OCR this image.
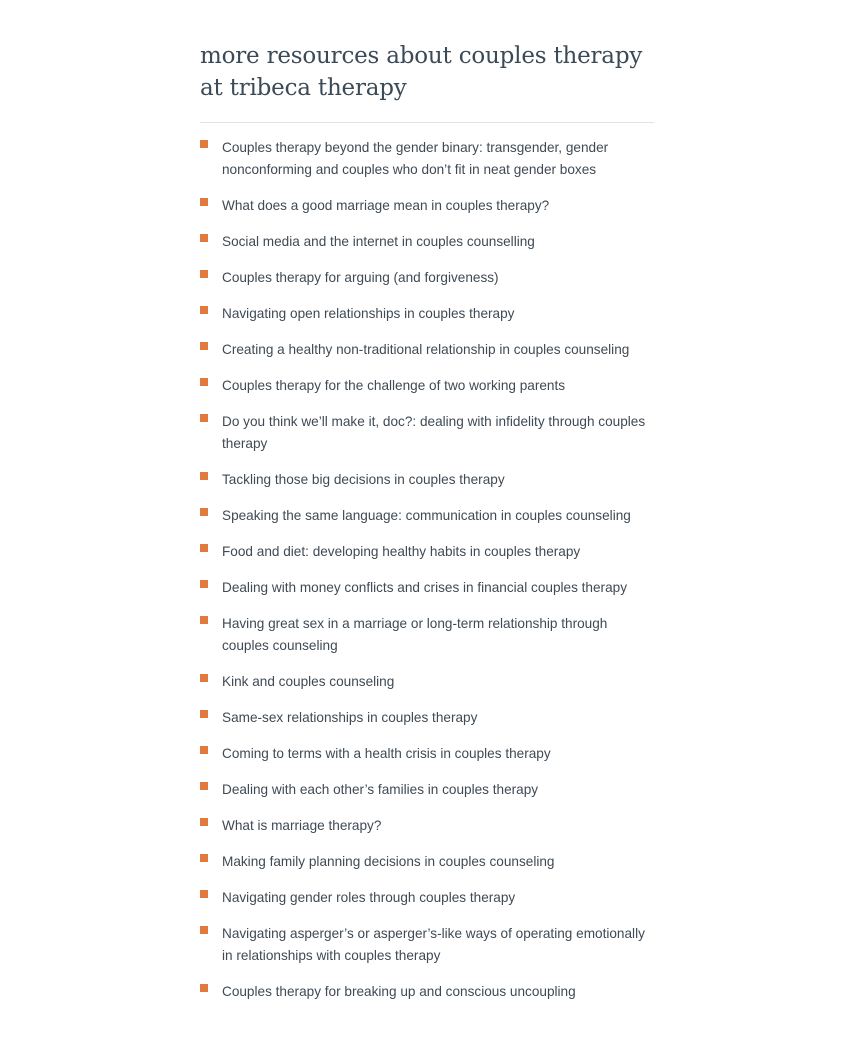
more resources about couples therapy at tribeca therapy
Couples therapy beyond the gender binary: transgender, gender nonconforming and couples who don’t fit in neat gender boxes
What does a good marriage mean in couples therapy?
Social media and the internet in couples counselling
Couples therapy for arguing (and forgiveness)
Navigating open relationships in couples therapy
Creating a healthy non-traditional relationship in couples counseling
Couples therapy for the challenge of two working parents
Do you think we’ll make it, doc?: dealing with infidelity through couples therapy
Tackling those big decisions in couples therapy
Speaking the same language: communication in couples counseling
Food and diet: developing healthy habits in couples therapy
Dealing with money conflicts and crises in financial couples therapy
Having great sex in a marriage or long-term relationship through couples counseling
Kink and couples counseling
Same-sex relationships in couples therapy
Coming to terms with a health crisis in couples therapy
Dealing with each other’s families in couples therapy
What is marriage therapy?
Making family planning decisions in couples counseling
Navigating gender roles through couples therapy
Navigating asperger’s or asperger’s-like ways of operating emotionally in relationships with couples therapy
Couples therapy for breaking up and conscious uncoupling
